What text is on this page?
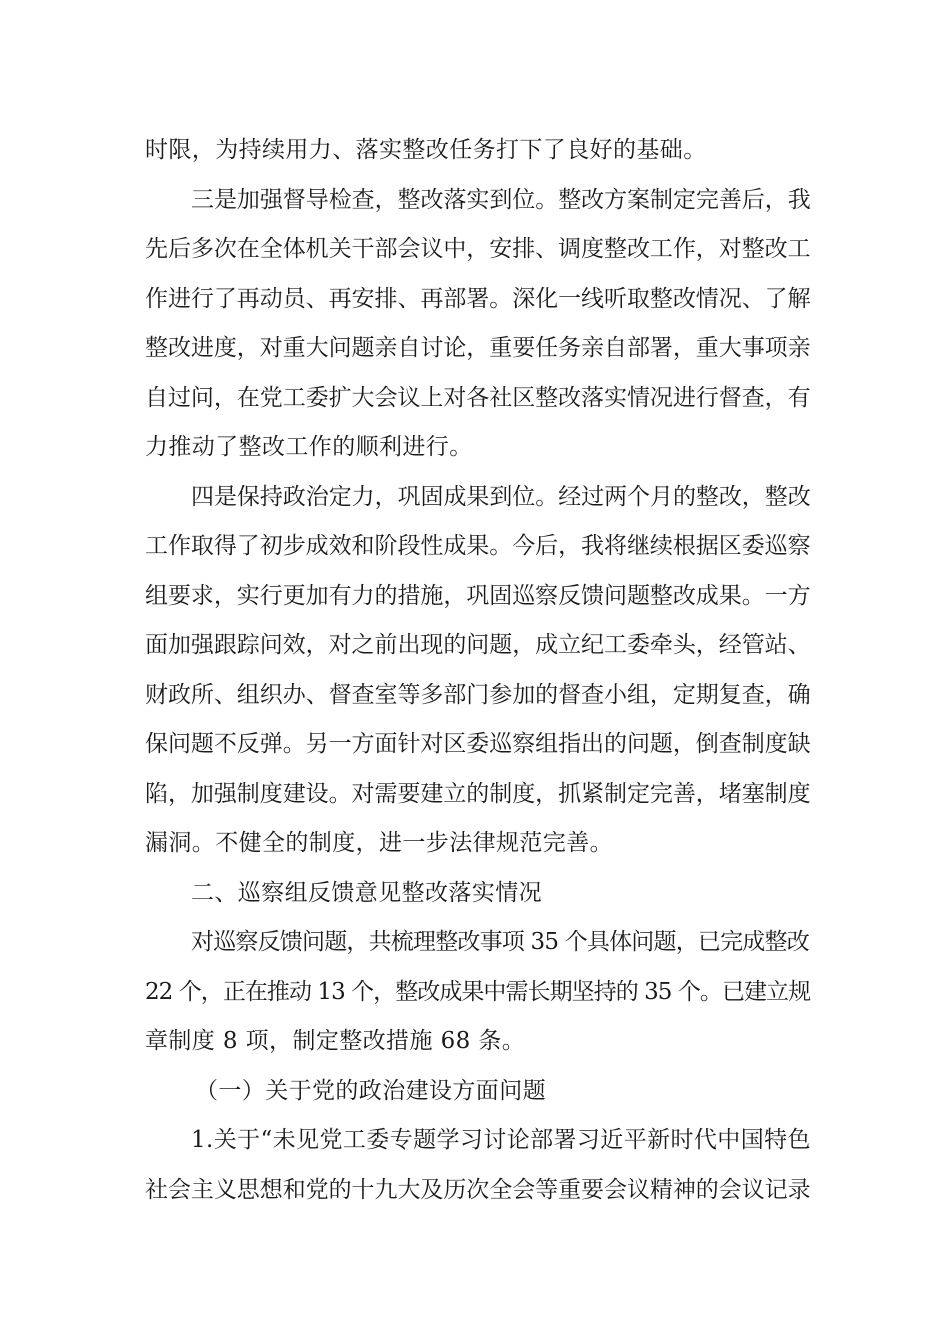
时限，为持续用力、落实整改任务打下了良好的基础。
三是加强督导检查，整改落实到位。整改方案制定完善后，我
先后多次在全体机关干部会议中，安排、调度整改工作，对整改工
作进行了再动员、再安排、再部署。深化一线听取整改情况、了解
整改进度，对重大问题亲自讨论，重要任务亲自部署，重大事项亲
自过问，在党工委扩大会议上对各社区整改落实情况进行督查，有
力推动了整改工作的顺利进行。
四是保持政治定力，巩固成果到位。经过两个月的整改，整改
工作取得了初步成效和阶段性成果。今后，我将继续根据区委巡察
组要求，实行更加有力的措施，巩固巡察反馈问题整改成果。一方
面加强跟踪问效，对之前出现的问题，成立纪工委牵头，经管站、
财政所、组织办、督查室等多部门参加的督查小组，定期复查，确
保问题不反弹。另一方面针对区委巡察组指出的问题，倒查制度缺
陷，加强制度建设。对需要建立的制度，抓紧制定完善，堵塞制度
漏洞。不健全的制度，进一步法律规范完善。
二、巡察组反馈意见整改落实情况
对巡察反馈问题，共梳理整改事项 35 个具体问题，已完成整改
22 个，正在推动 13 个，整改成果中需长期坚持的 35 个。已建立规
章制度 8 项，制定整改措施 68 条。
（一）关于党的政治建设方面问题
1.关于“未见党工委专题学习讨论部署习近平新时代中国特色
社会主义思想和党的十九大及历次全会等重要会议精神的会议记录
